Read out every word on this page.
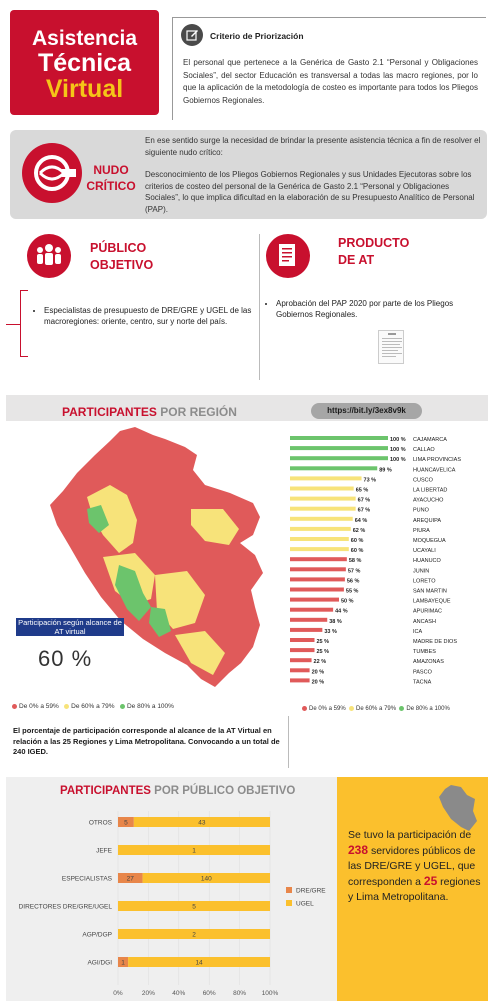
Asistencia
Técnica
Virtual
Criterio de Priorización
El personal que pertenece a la Genérica de Gasto 2.1 “Personal y Obligaciones Sociales”, del sector Educación es transversal a todas las macro regiones, por lo que la aplicación de la metodología de costeo es importante para todos los Pliegos Gobiernos Regionales.
NUDO CRÍTICO

En ese sentido surge la necesidad de brindar la presente asistencia técnica a fin de resolver el siguiente nudo crítico:

Desconocimiento de los Pliegos Gobiernos Regionales y sus Unidades Ejecutoras sobre los criterios de costeo del personal de la Genérica de Gasto 2.1 “Personal y Obligaciones Sociales”, lo que implica dificultad en la elaboración de su Presupuesto Analítico de Personal (PAP).

PÚBLICO
OBJETIVO
• Especialistas de presupuesto de DRE/GRE y UGEL de las macroregiones: oriente, centro, sur y norte del país.
PRODUCTO
DE AT
• Aprobación del PAP 2020 por parte de los Pliegos Gobiernos Regionales.
PARTICIPANTES POR REGIÓN	https://bit.ly/3ex8v9k
Participación según alcance de AT virtual
60 %
De 0% a 59% De 60% a 79% De 80% a 100%
100 % CAJAMARCA
100 % CALLAO
100 % LIMA PROVINCIAS
89 %	HUANCAVELICA
73 %	CUSCO
65 %	LA LIBERTAD
67 %	AYACUCHO
67 %	PUNO
64 %	AREQUIPA
62 %	PIURA
60 %	MOQUEGUA
60 %	UCAYALI
58 %	HUANUCO
57 %	JUNIN
56 %	LORETO
55 %	SAN MARTIN
50 %	LAMBAYEQUE
44 %	APURIMAC
38 %	ANCASH
33 %	ICA
25 %	MADRE DE DIOS
25 %	TUMBES
22 %	AMAZONAS
20 %	PASCO
20 %	TACNA
De 0% a 59% De 60% a 79% De 80% a 100%
El porcentaje de participación corresponde al alcance de la AT Virtual en relación a las 25 Regiones y Lima Metropolitana. Convocando a un total de 240 IGED.
PARTICIPANTES POR PÚBLICO OBJETIVO
0%	20%	40%	60%	80% 100%
OTROS 5	43
JEFE	1
ESPECIALISTAS 27	140
DIRECTORES DRE/GRE/UGEL	5
AGP/DGP	2
AGI/DGI 1	14
DRE/GRE
UGEL
Se tuvo la participación de 238 servidores públicos de las DRE/GRE y UGEL, que corresponden a 25 regiones y Lima Metropolitana.
